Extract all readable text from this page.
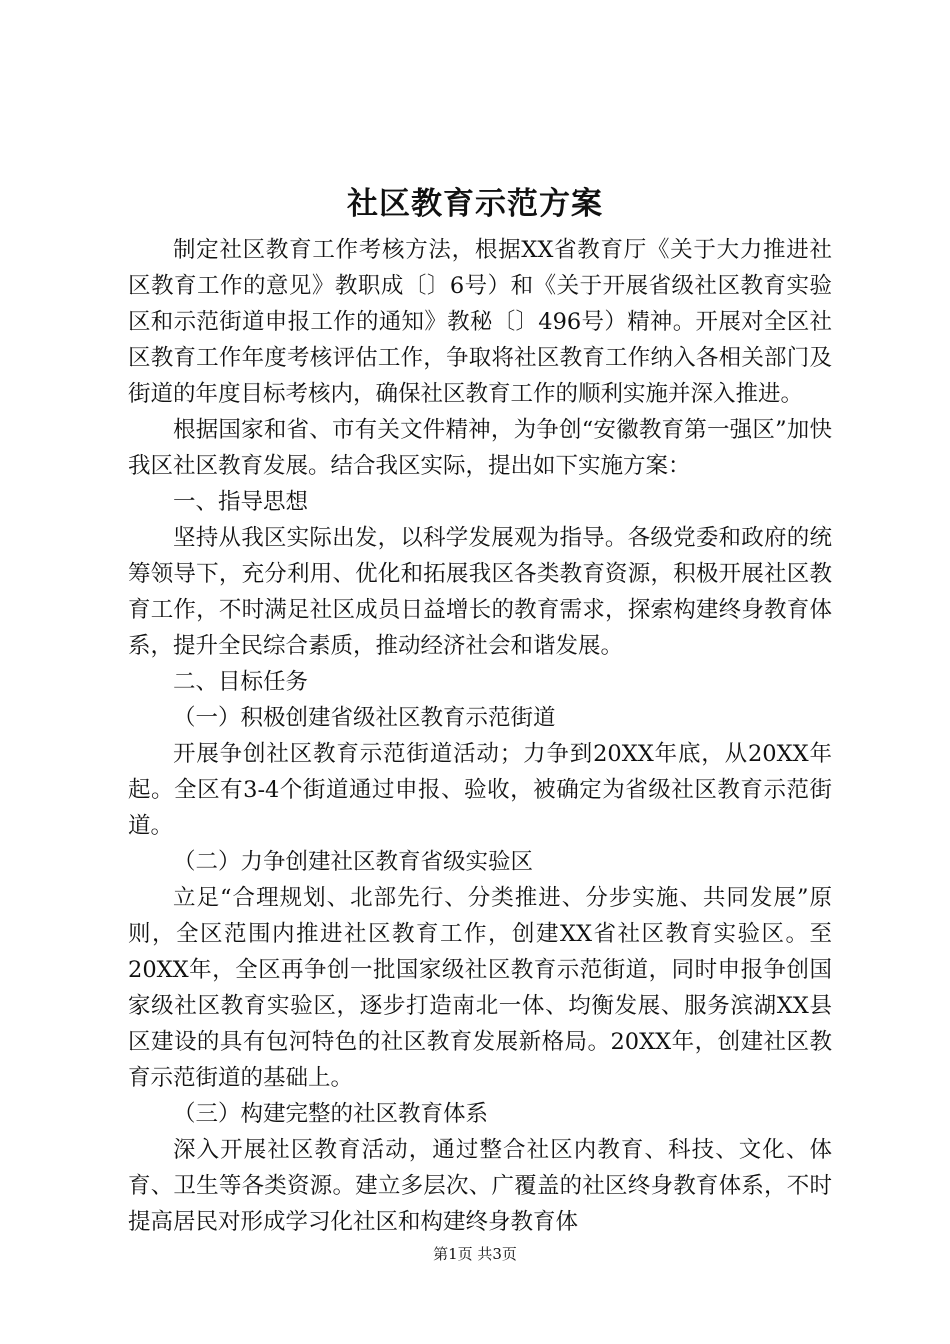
社区教育示范方案

制定社区教育工作考核方法，根据XX省教育厅《关于大力推进社区教育工作的意见》教职成〔〕6号）和《关于开展省级社区教育实验区和示范街道申报工作的通知》教秘〔〕496号）精神。开展对全区社区教育工作年度考核评估工作，争取将社区教育工作纳入各相关部门及街道的年度目标考核内，确保社区教育工作的顺利实施并深入推进。

根据国家和省、市有关文件精神，为争创“安徽教育第一强区”加快我区社区教育发展。结合我区实际，提出如下实施方案：

一、指导思想

坚持从我区实际出发，以科学发展观为指导。各级党委和政府的统筹领导下，充分利用、优化和拓展我区各类教育资源，积极开展社区教育工作，不时满足社区成员日益增长的教育需求，探索构建终身教育体系，提升全民综合素质，推动经济社会和谐发展。

二、目标任务

（一）积极创建省级社区教育示范街道

开展争创社区教育示范街道活动；力争到20XX年底，从20XX年起。全区有3-4个街道通过申报、验收，被确定为省级社区教育示范街道。

（二）力争创建社区教育省级实验区

立足“合理规划、北部先行、分类推进、分步实施、共同发展”原则，全区范围内推进社区教育工作，创建XX省社区教育实验区。至20XX年，全区再争创一批国家级社区教育示范街道，同时申报争创国家级社区教育实验区，逐步打造南北一体、均衡发展、服务滨湖XX县区建设的具有包河特色的社区教育发展新格局。20XX年，创建社区教育示范街道的基础上。

（三）构建完整的社区教育体系

深入开展社区教育活动，通过整合社区内教育、科技、文化、体育、卫生等各类资源。建立多层次、广覆盖的社区终身教育体系，不时提高居民对形成学习化社区和构建终身教育体

第1页 共3页
